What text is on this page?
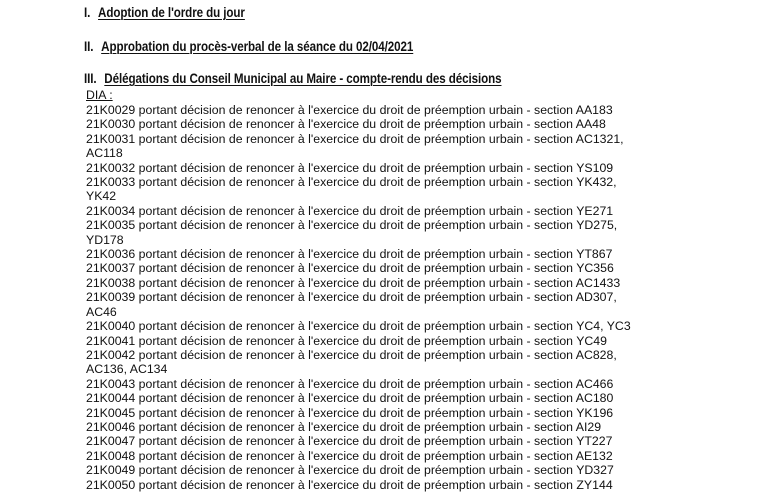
I. Adoption de l'ordre du jour
II. Approbation du procès-verbal de la séance du 02/04/2021
III. Délégations du Conseil Municipal au Maire - compte-rendu des décisions
DIA :
21K0029 portant décision de renoncer à l'exercice du droit de préemption urbain - section AA183
21K0030 portant décision de renoncer à l'exercice du droit de préemption urbain - section AA48
21K0031 portant décision de renoncer à l'exercice du droit de préemption urbain - section AC1321,
AC118
21K0032 portant décision de renoncer à l'exercice du droit de préemption urbain - section YS109
21K0033 portant décision de renoncer à l'exercice du droit de préemption urbain - section YK432,
YK42
21K0034 portant décision de renoncer à l'exercice du droit de préemption urbain - section YE271
21K0035 portant décision de renoncer à l'exercice du droit de préemption urbain - section YD275,
YD178
21K0036 portant décision de renoncer à l'exercice du droit de préemption urbain - section YT867
21K0037 portant décision de renoncer à l'exercice du droit de préemption urbain - section YC356
21K0038 portant décision de renoncer à l'exercice du droit de préemption urbain - section AC1433
21K0039 portant décision de renoncer à l'exercice du droit de préemption urbain - section AD307,
AC46
21K0040 portant décision de renoncer à l'exercice du droit de préemption urbain - section YC4, YC3
21K0041 portant décision de renoncer à l'exercice du droit de préemption urbain - section YC49
21K0042 portant décision de renoncer à l'exercice du droit de préemption urbain - section AC828,
AC136, AC134
21K0043 portant décision de renoncer à l'exercice du droit de préemption urbain - section AC466
21K0044 portant décision de renoncer à l'exercice du droit de préemption urbain - section AC180
21K0045 portant décision de renoncer à l'exercice du droit de préemption urbain - section YK196
21K0046 portant décision de renoncer à l'exercice du droit de préemption urbain - section AI29
21K0047 portant décision de renoncer à l'exercice du droit de préemption urbain - section YT227
21K0048 portant décision de renoncer à l'exercice du droit de préemption urbain - section AE132
21K0049 portant décision de renoncer à l'exercice du droit de préemption urbain - section YD327
21K0050 portant décision de renoncer à l'exercice du droit de préemption urbain - section ZY144
